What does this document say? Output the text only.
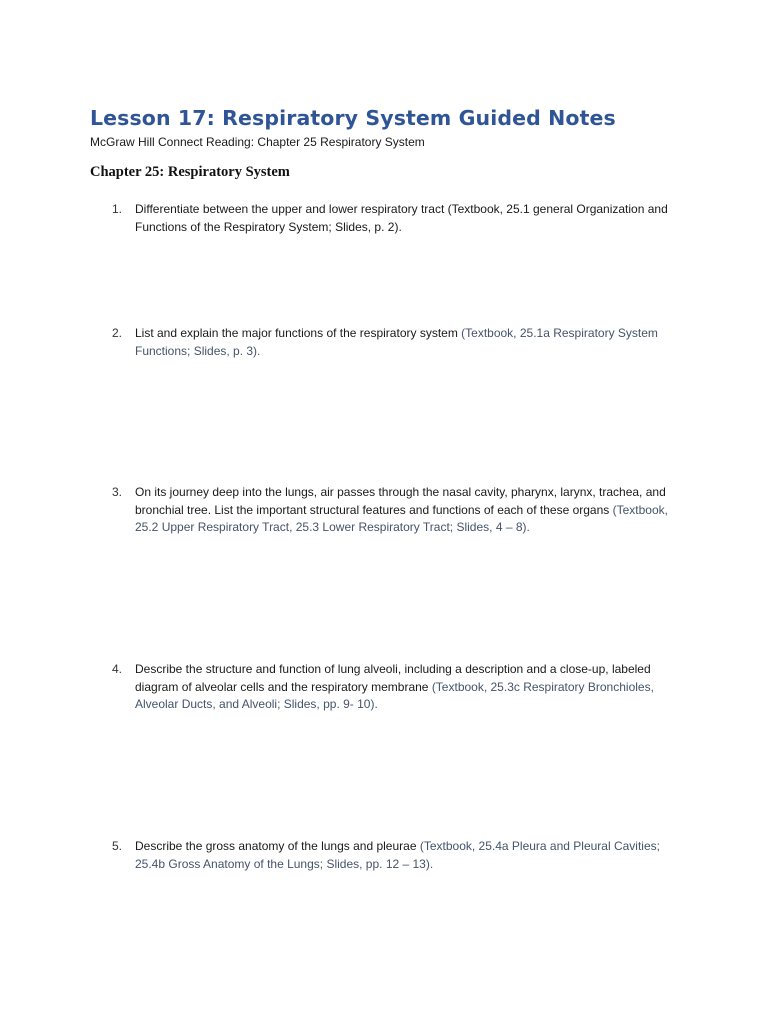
Lesson 17: Respiratory System Guided Notes
McGraw Hill Connect Reading: Chapter 25 Respiratory System
Chapter 25: Respiratory System
1. Differentiate between the upper and lower respiratory tract (Textbook, 25.1 general Organization and Functions of the Respiratory System; Slides, p. 2).
2. List and explain the major functions of the respiratory system (Textbook, 25.1a Respiratory System Functions; Slides, p. 3).
3. On its journey deep into the lungs, air passes through the nasal cavity, pharynx, larynx, trachea, and bronchial tree. List the important structural features and functions of each of these organs (Textbook, 25.2 Upper Respiratory Tract, 25.3 Lower Respiratory Tract; Slides, 4 – 8).
4. Describe the structure and function of lung alveoli, including a description and a close-up, labeled diagram of alveolar cells and the respiratory membrane (Textbook, 25.3c Respiratory Bronchioles, Alveolar Ducts, and Alveoli; Slides, pp. 9- 10).
5. Describe the gross anatomy of the lungs and pleurae (Textbook, 25.4a Pleura and Pleural Cavities; 25.4b Gross Anatomy of the Lungs; Slides, pp. 12 – 13).
